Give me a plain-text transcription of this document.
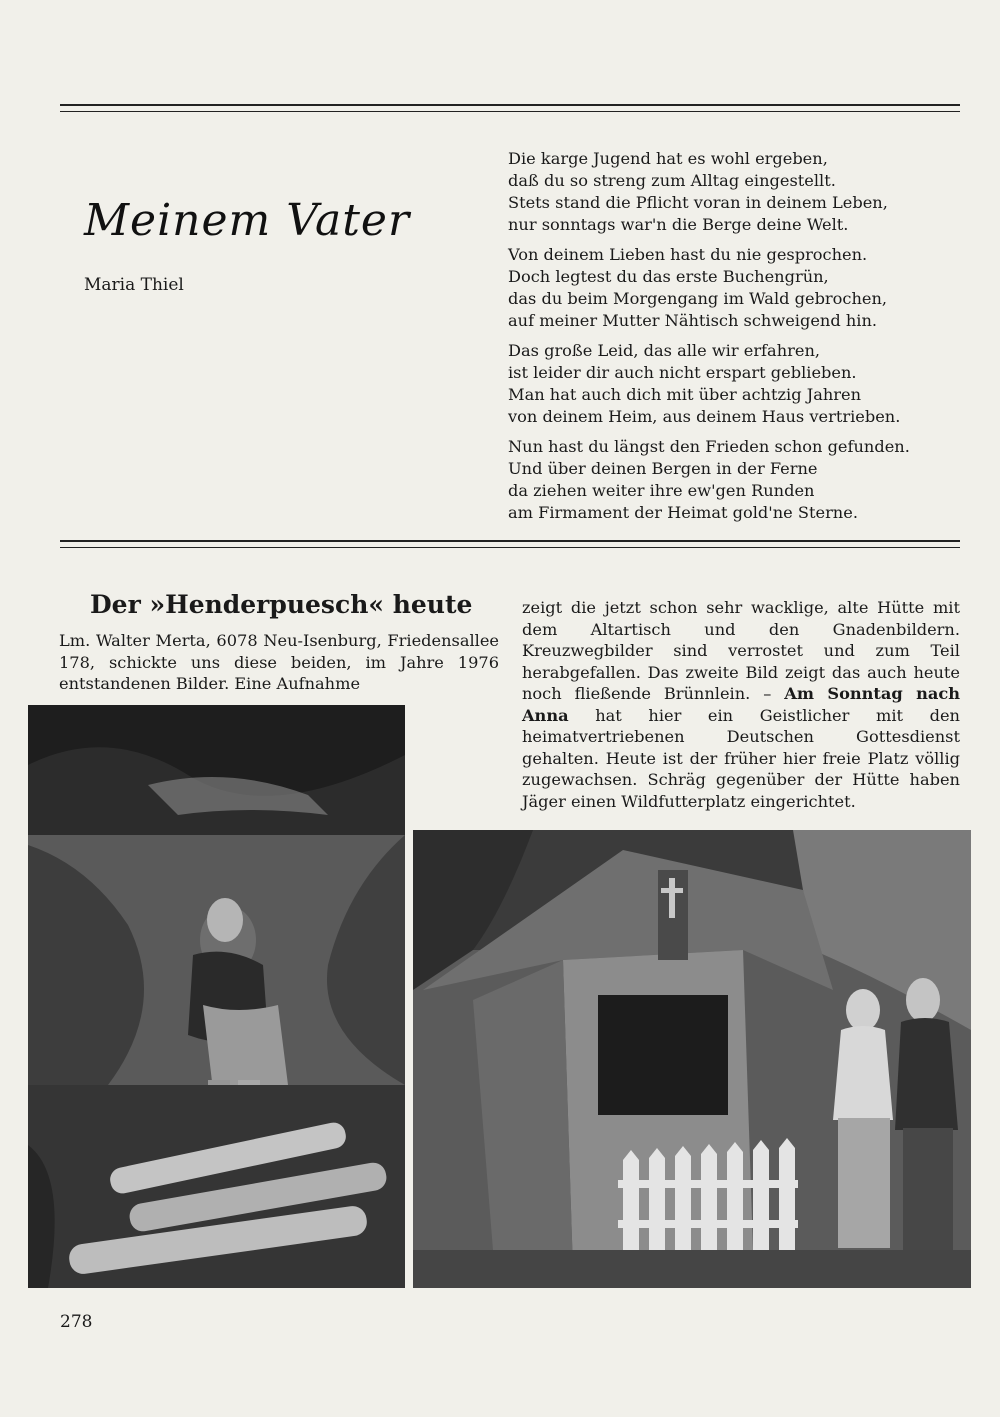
Meinem Vater
Maria Thiel
Die karge Jugend hat es wohl ergeben,
daß du so streng zum Alltag eingestellt.
Stets stand die Pflicht voran in deinem Leben,
nur sonntags war'n die Berge deine Welt.
Von deinem Lieben hast du nie gesprochen.
Doch legtest du das erste Buchengrün,
das du beim Morgengang im Wald gebrochen,
auf meiner Mutter Nähtisch schweigend hin.
Das große Leid, das alle wir erfahren,
ist leider dir auch nicht erspart geblieben.
Man hat auch dich mit über achtzig Jahren
von deinem Heim, aus deinem Haus vertrieben.
Nun hast du längst den Frieden schon gefunden.
Und über deinen Bergen in der Ferne
da ziehen weiter ihre ew'gen Runden
am Firmament der Heimat gold'ne Sterne.
Der »Henderpuesch« heute
Lm. Walter Merta, 6078 Neu-Isenburg, Friedensallee 178, schickte uns diese beiden, im Jahre 1976 entstandenen Bilder. Eine Aufnahme
zeigt die jetzt schon sehr wacklige, alte Hütte mit dem Altartisch und den Gnadenbildern. Kreuzwegbilder sind verrostet und zum Teil herabgefallen. Das zweite Bild zeigt das auch heute noch fließende Brünnlein. – Am Sonntag nach Anna hat hier ein Geistlicher mit den heimatvertriebenen Deutschen Gottesdienst gehalten. Heute ist der früher hier freie Platz völlig zugewachsen. Schräg gegenüber der Hütte haben Jäger einen Wildfutterplatz eingerichtet.
278
